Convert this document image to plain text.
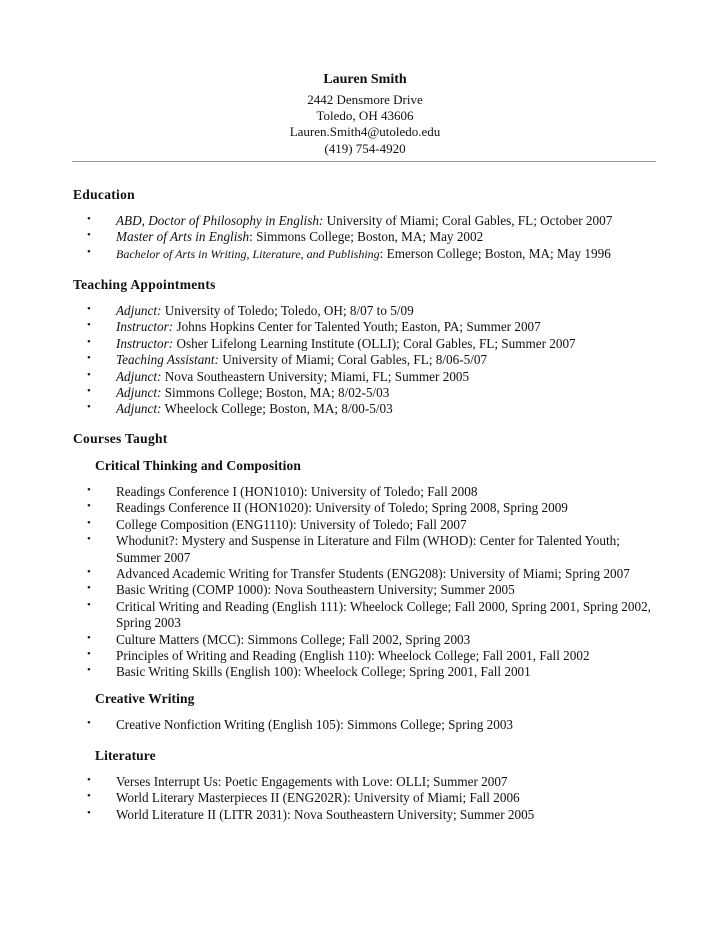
Lauren Smith
2442 Densmore Drive
Toledo, OH 43606
Lauren.Smith4@utoledo.edu
(419) 754-4920
Education
• ABD, Doctor of Philosophy in English: University of Miami; Coral Gables, FL; October 2007
• Master of Arts in English: Simmons College; Boston, MA; May 2002
• Bachelor of Arts in Writing, Literature, and Publishing: Emerson College; Boston, MA; May 1996
Teaching Appointments
• Adjunct: University of Toledo; Toledo, OH; 8/07 to 5/09
• Instructor: Johns Hopkins Center for Talented Youth; Easton, PA; Summer 2007
• Instructor: Osher Lifelong Learning Institute (OLLI); Coral Gables, FL; Summer 2007
• Teaching Assistant: University of Miami; Coral Gables, FL; 8/06-5/07
• Adjunct: Nova Southeastern University; Miami, FL; Summer 2005
• Adjunct: Simmons College; Boston, MA; 8/02-5/03
• Adjunct: Wheelock College; Boston, MA; 8/00-5/03
Courses Taught
Critical Thinking and Composition
• Readings Conference I (HON1010): University of Toledo; Fall 2008
• Readings Conference II (HON1020): University of Toledo; Spring 2008, Spring 2009
• College Composition (ENG1110): University of Toledo; Fall 2007
• Whodunit?: Mystery and Suspense in Literature and Film (WHOD): Center for Talented Youth; Summer 2007
• Advanced Academic Writing for Transfer Students (ENG208): University of Miami; Spring 2007
• Basic Writing (COMP 1000): Nova Southeastern University; Summer 2005
• Critical Writing and Reading (English 111): Wheelock College; Fall 2000, Spring 2001, Spring 2002, Spring 2003
• Culture Matters (MCC): Simmons College; Fall 2002, Spring 2003
• Principles of Writing and Reading (English 110): Wheelock College; Fall 2001, Fall 2002
• Basic Writing Skills (English 100): Wheelock College; Spring 2001, Fall 2001
Creative Writing
• Creative Nonfiction Writing (English 105): Simmons College; Spring 2003
Literature
• Verses Interrupt Us: Poetic Engagements with Love: OLLI; Summer 2007
• World Literary Masterpieces II (ENG202R): University of Miami; Fall 2006
• World Literature II (LITR 2031): Nova Southeastern University; Summer 2005
